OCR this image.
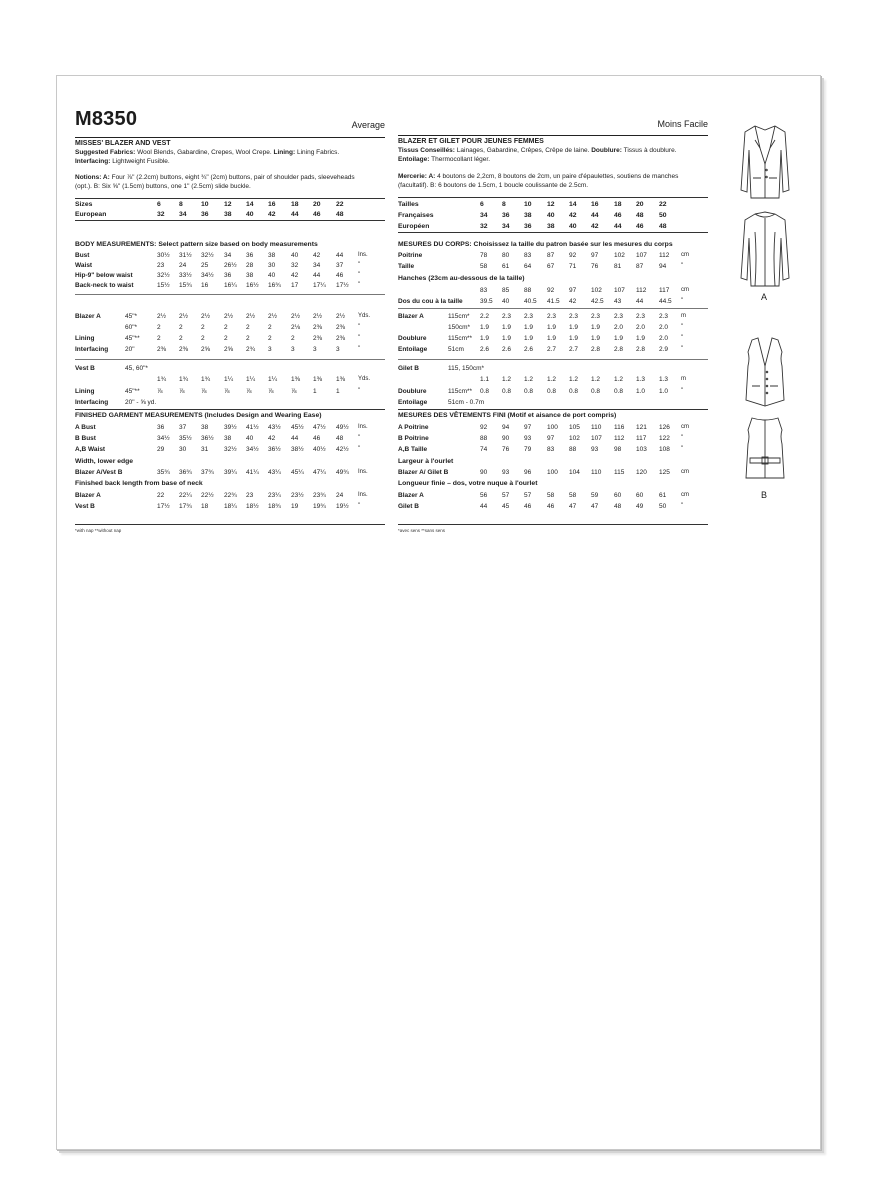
M8350	Average
MISSES' BLAZER AND VEST
Suggested Fabrics: Wool Blends, Gabardine, Crepes, Wool Crepe. Lining: Lining Fabrics.
Interfacing: Lightweight Fusible.
Notions: A: Four ⅞" (2.2cm) buttons, eight ¾" (2cm) buttons, pair of shoulder pads, sleeveheads
(opt.). B: Six ⅝" (1.5cm) buttons, one 1" (2.5cm) slide buckle.
Sizes	6	8	10 12 14 16 18 20 22
European	32 34 36 38 40 42 44 46 48
BODY MEASUREMENTS: Select pattern size based on body measurements
Bust	30½ 31½ 32½ 34 36 38 40 42 44 Ins.
Waist	23 24 25 26½ 28 30 32 34 37 "
Hip-9" below waist	32½ 33½ 34½ 36 38 40 42 44 46 "
Back-neck to waist	15½ 15¾ 16 16¼ 16½ 16¾ 17 17¼ 17½ "
Blazer A	45"*	2½ 2½ 2½ 2½ 2½ 2½ 2½ 2½ 2½ Yds.
60"*	2	2	2	2	2	2	2⅛ 2⅜ 2⅜ "
Lining	45"**	2	2	2	2	2	2	2	2⅜ 2⅜ "
Interfacing	20"	2⅜ 2⅜ 2⅝ 2⅝ 2¾ 3	3	3	3	"
Vest B	45, 60"*
1¾ 1¾ 1¾ 1¼ 1¼ 1¼ 1⅜ 1⅜ 1⅜ Yds.
Lining	45"**	⅞	⅞	⅞	⅞	⅞	⅞	⅞	1	1	"
Interfacing	20" - ⅝ yd.
FINISHED GARMENT MEASUREMENTS (Includes Design and Wearing Ease)
A Bust	36 37 38 39½ 41½ 43½ 45½ 47½ 49½ Ins.
B Bust	34½ 35½ 36½ 38 40 42 44 46 48 "
A,B Waist	29 30 31 32½ 34½ 36½ 38½ 40½ 42½ "
Width, lower edge
Blazer A/Vest B	35¾ 36¾ 37¾ 39¼ 41¼ 43¼ 45¼ 47¼ 49¾ Ins.
Finished back length from base of neck
Blazer A	22 22¼ 22½ 22¾ 23 23¼ 23½ 23¾ 24 Ins.
Vest B	17½ 17¾ 18 18¼ 18½ 18¾ 19 19¾ 19½ "
*with nap **without nap
Moins Facile
BLAZER ET GILET POUR JEUNES FEMMES
Tissus Conseillés: Lainages, Gabardine, Crêpes, Crêpe de laine. Doublure: Tissus à doublure.
Entoilage: Thermocollant léger.
Mercerie: A: 4 boutons de 2,2cm, 8 boutons de 2cm, un paire d'épaulettes, soutiens de manches
(facultatif). B: 6 boutons de 1.5cm, 1 boucle coulissante de 2.5cm.
Tailles	6	8	10 12 14 16 18 20 22
Françaises	34 36 38 40 42 44 46 48 50
Européen	32 34 36 38 40 42 44 46 48
MESURES DU CORPS: Choisissez la taille du patron basée sur les mesures du corps
Poitrine	78 80 83 87 92 97 102 107 112 cm
Taille	58 61 64 67 71 76 81 87 94 "
Hanches (23cm au-dessous de la taille)
83 85 88 92 97 102 107 112 117 cm
Dos du cou à la taille	39.5 40 40.5 41.5 42 42.5 43 44 44.5 "
Blazer A	115cm* 2.2 2.3 2.3 2.3 2.3 2.3 2.3 2.3 2.3 m
150cm* 1.9 1.9 1.9 1.9 1.9 1.9 2.0 2.0 2.0 "
Doublure	115cm** 1.9 1.9 1.9 1.9 1.9 1.9 1.9 1.9 2.0 "
Entoilage	51cm 2.6 2.6 2.6 2.7 2.7 2.8 2.8 2.8 2.9 "
Gilet B	115, 150cm*
1.1 1.2 1.2 1.2 1.2 1.2 1.2 1.3 1.3 m
Doublure	115cm** 0.8 0.8 0.8 0.8 0.8 0.8 0.8 1.0 1.0 "
Entoilage	51cm - 0.7m
MESURES DES VÊTEMENTS FINI (Motif et aisance de port compris)
A Poitrine	92 94 97 100 105 110 116 121 126 cm
B Poitrine	88 90 93 97 102 107 112 117 122 "
A,B Taille	74 76 79 83 88 93 98 103 108 "
Largeur à l'ourlet
Blazer A/ Gilet B	90 93 96 100 104 110 115 120 125 cm
Longueur finie – dos, votre nuque à l'ourlet
Blazer A	56 57 57 58 58 59 60 60 61 cm
Gilet B	44 45 46 46 47 47 48 49 50 "
*avec sens **sans sens
A
B
